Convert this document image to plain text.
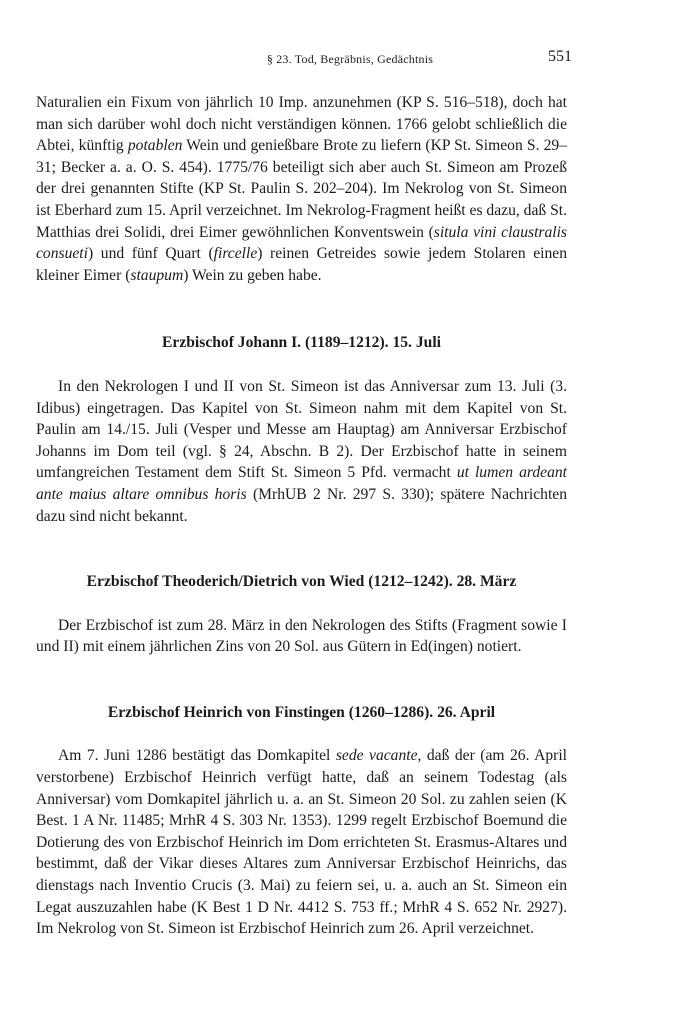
§ 23. Tod, Begräbnis, Gedächtnis	551

Naturalien ein Fixum von jährlich 10 Imp. anzunehmen (KP S. 516–518), doch hat man sich darüber wohl doch nicht verständigen können. 1766 gelobt schließlich die Abtei, künftig potablen Wein und genießbare Brote zu liefern (KP St. Simeon S. 29–31; Becker a. a. O. S. 454). 1775/76 beteiligt sich aber auch St. Simeon am Prozeß der drei genannten Stifte (KP St. Paulin S. 202–204). Im Nekrolog von St. Simeon ist Eberhard zum 15. April verzeichnet. Im Nekrolog-Fragment heißt es dazu, daß St. Matthias drei Solidi, drei Eimer gewöhnlichen Konventswein (situla vini claustralis consueti) und fünf Quart (fircelle) reinen Getreides sowie jedem Stolaren einen kleiner Eimer (staupum) Wein zu geben habe.

Erzbischof Johann I. (1189–1212). 15. Juli

In den Nekrologen I und II von St. Simeon ist das Anniversar zum 13. Juli (3. Idibus) eingetragen. Das Kapitel von St. Simeon nahm mit dem Kapitel von St. Paulin am 14./15. Juli (Vesper und Messe am Hauptag) am Anniversar Erzbischof Johanns im Dom teil (vgl. § 24, Abschn. B 2). Der Erzbischof hatte in seinem umfangreichen Testament dem Stift St. Simeon 5 Pfd. vermacht ut lumen ardeant ante maius altare omnibus horis (MrhUB 2 Nr. 297 S. 330); spätere Nachrichten dazu sind nicht bekannt.

Erzbischof Theoderich/Dietrich von Wied (1212–1242). 28. März

Der Erzbischof ist zum 28. März in den Nekrologen des Stifts (Fragment sowie I und II) mit einem jährlichen Zins von 20 Sol. aus Gütern in Ed(ingen) notiert.

Erzbischof Heinrich von Finstingen (1260–1286). 26. April

Am 7. Juni 1286 bestätigt das Domkapitel sede vacante, daß der (am 26. April verstorbene) Erzbischof Heinrich verfügt hatte, daß an seinem Todestag (als Anniversar) vom Domkapitel jährlich u. a. an St. Simeon 20 Sol. zu zahlen seien (K Best. 1 A Nr. 11485; MrhR 4 S. 303 Nr. 1353). 1299 regelt Erzbischof Boemund die Dotierung des von Erzbischof Heinrich im Dom errichteten St. Erasmus-Altares und bestimmt, daß der Vikar dieses Altares zum Anniversar Erzbischof Heinrichs, das dienstags nach Inventio Crucis (3. Mai) zu feiern sei, u. a. auch an St. Simeon ein Legat auszuzahlen habe (K Best 1 D Nr. 4412 S. 753 ff.; MrhR 4 S. 652 Nr. 2927). Im Nekrolog von St. Simeon ist Erzbischof Heinrich zum 26. April verzeichnet.
